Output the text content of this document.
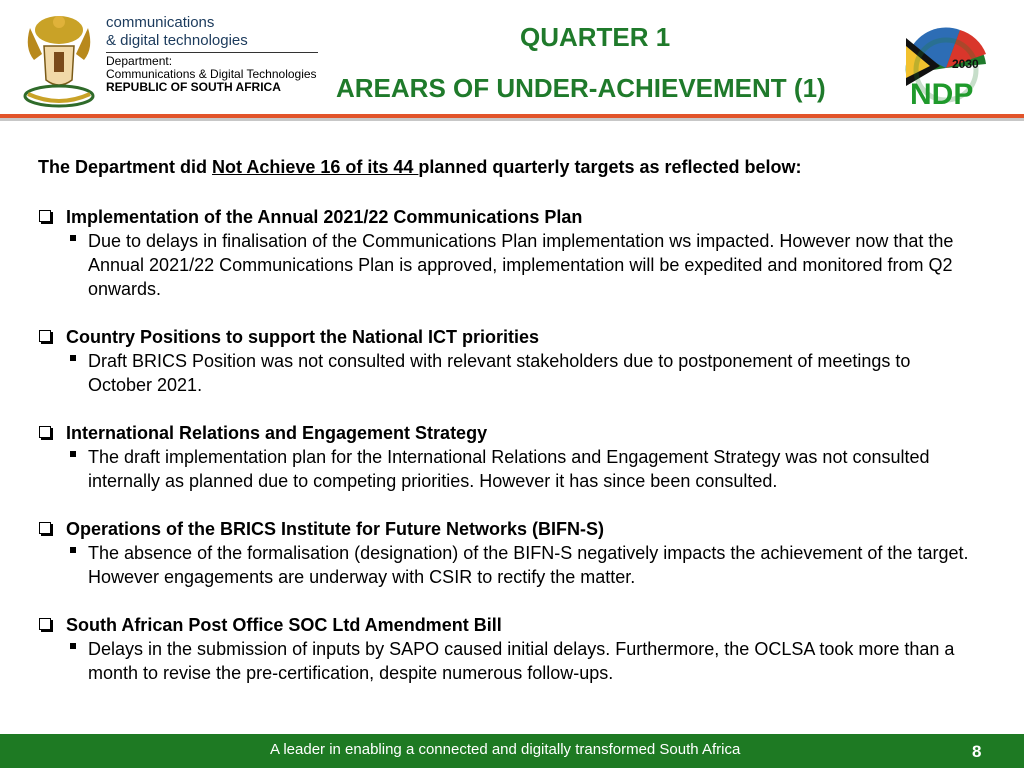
communications
& digital technologies
Department:
Communications & Digital Technologies
REPUBLIC OF SOUTH AFRICA
QUARTER 1
AREARS OF UNDER-ACHIEVEMENT (1)
2030
NDP
The Department did Not Achieve 16 of its 44 planned quarterly targets as reflected below:
Implementation of the Annual 2021/22 Communications Plan
Due to delays in finalisation of the Communications Plan implementation ws impacted. However now that the Annual 2021/22 Communications Plan is approved, implementation will be expedited and monitored from Q2 onwards.
Country Positions to support the National ICT priorities
Draft BRICS Position was not consulted with relevant stakeholders due to postponement of meetings to October 2021.
International Relations and Engagement Strategy
The draft implementation plan for the International Relations and Engagement Strategy was not consulted internally as planned due to competing priorities. However it has since been consulted.
Operations of the BRICS Institute for Future Networks (BIFN-S)
The absence of the formalisation (designation) of the BIFN-S negatively impacts the achievement of the target. However engagements are underway with CSIR to rectify the matter.
South African Post Office SOC Ltd Amendment Bill
Delays in the submission of inputs by SAPO caused initial delays. Furthermore, the OCLSA took more than a month to revise the pre-certification, despite numerous follow-ups.
A leader in enabling a connected and digitally transformed South Africa	8
